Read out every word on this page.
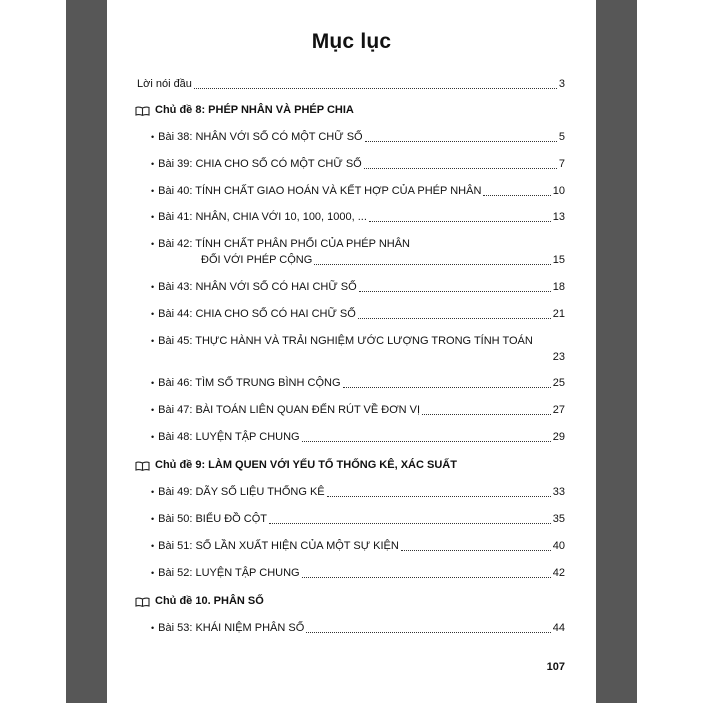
Mục lục
Lời nói đầu	3
Chủ đề 8: PHÉP NHÂN VÀ PHÉP CHIA
• Bài 38: NHÂN VỚI SỐ CÓ MỘT CHỮ SỐ	5
• Bài 39: CHIA CHO SỐ CÓ MỘT CHỮ SỐ	7
• Bài 40: TÍNH CHẤT GIAO HOÁN VÀ KẾT HỢP CỦA PHÉP NHÂN	10
• Bài 41: NHÂN, CHIA VỚI 10, 100, 1000, ...	13
• Bài 42: TÍNH CHẤT PHÂN PHỐI CỦA PHÉP NHÂN
ĐỐI VỚI PHÉP CỘNG	15
• Bài 43: NHÂN VỚI SỐ CÓ HAI CHỮ SỐ	18
• Bài 44: CHIA CHO SỐ CÓ HAI CHỮ SỐ	21
• Bài 45: THỰC HÀNH VÀ TRẢI NGHIỆM ƯỚC LƯỢNG TRONG TÍNH TOÁN
23
• Bài 46: TÌM SỐ TRUNG BÌNH CỘNG	25
• Bài 47: BÀI TOÁN LIÊN QUAN ĐẾN RÚT VỀ ĐƠN VỊ	27
• Bài 48: LUYỆN TẬP CHUNG	29
Chủ đề 9: LÀM QUEN VỚI YẾU TỐ THỐNG KÊ, XÁC SUẤT
• Bài 49: DÃY SỐ LIỆU THỐNG KÊ	33
• Bài 50: BIỂU ĐỒ CỘT	35
• Bài 51: SỐ LẦN XUẤT HIỆN CỦA MỘT SỰ KIỆN	40
• Bài 52: LUYỆN TẬP CHUNG	42
Chủ đề 10. PHÂN SỐ
• Bài 53: KHÁI NIỆM PHÂN SỐ	44
107
